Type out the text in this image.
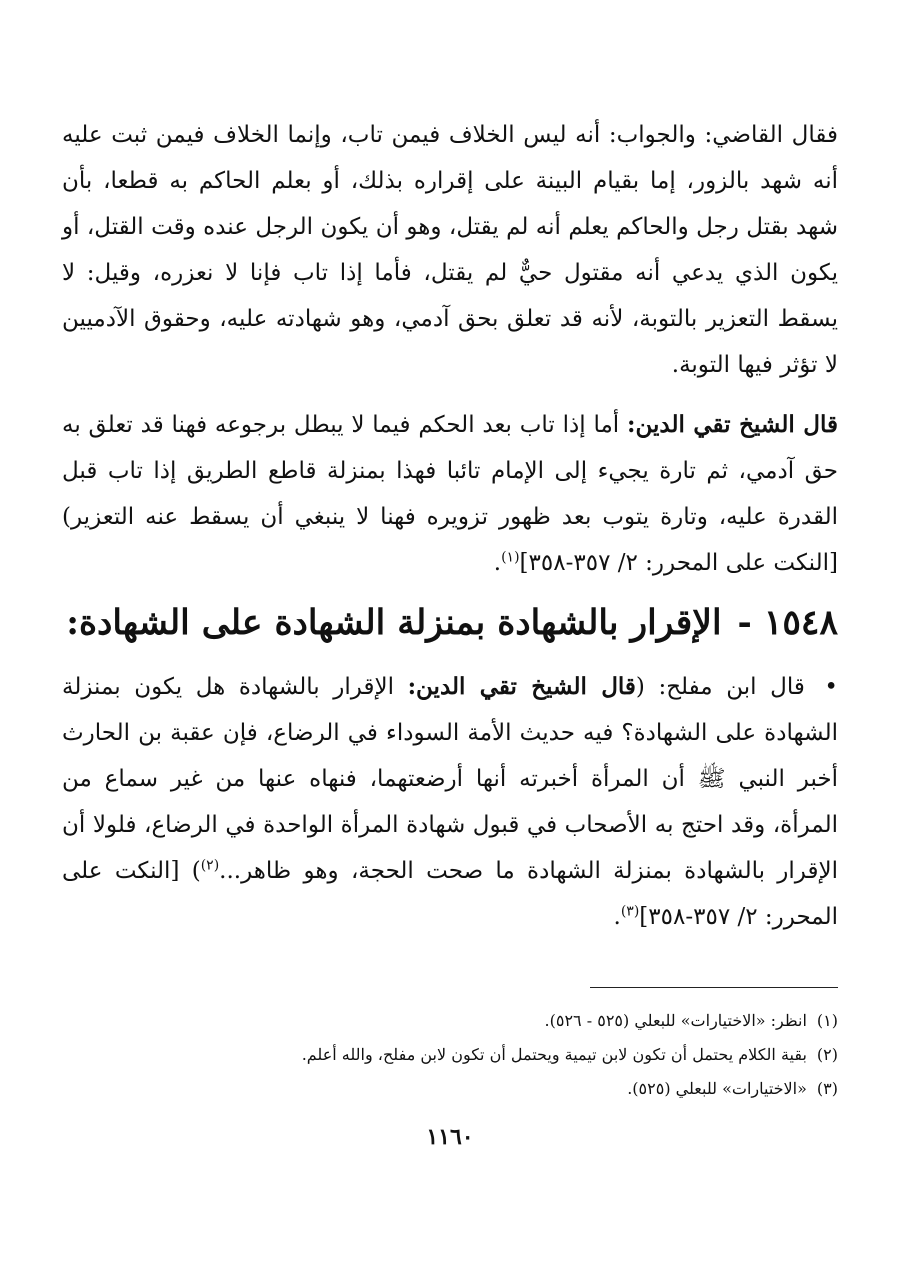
فقال القاضي: والجواب: أنه ليس الخلاف فيمن تاب، وإنما الخلاف فيمن ثبت عليه أنه شهد بالزور، إما بقيام البينة على إقراره بذلك، أو بعلم الحاكم به قطعا، بأن شهد بقتل رجل والحاكم يعلم أنه لم يقتل، وهو أن يكون الرجل عنده وقت القتل، أو يكون الذي يدعي أنه مقتول حيٌّ لم يقتل، فأما إذا تاب فإنا لا نعزره، وقيل: لا يسقط التعزير بالتوبة، لأنه قد تعلق بحق آدمي، وهو شهادته عليه، وحقوق الآدميين لا تؤثر فيها التوبة.

قال الشيخ تقي الدين: أما إذا تاب بعد الحكم فيما لا يبطل برجوعه فهنا قد تعلق به حق آدمي، ثم تارة يجيء إلى الإمام تائبا فهذا بمنزلة قاطع الطريق إذا تاب قبل القدرة عليه، وتارة يتوب بعد ظهور تزويره فهنا لا ينبغي أن يسقط عنه التعزير) [النكت على المحرر: ٢/ ٣٥٧-٣٥٨]$^{(١)}$.

١٥٤٨-الإقرار بالشهادة بمنزلة الشهادة على الشهادة:

• قال ابن مفلح: (قال الشيخ تقي الدين: الإقرار بالشهادة هل يكون بمنزلة الشهادة على الشهادة؟ فيه حديث الأمة السوداء في الرضاع، فإن عقبة بن الحارث أخبر النبي ﷺ أن المرأة أخبرته أنها أرضعتهما، فنهاه عنها من غير سماع من المرأة، وقد احتج به الأصحاب في قبول شهادة المرأة الواحدة في الرضاع، فلولا أن الإقرار بالشهادة بمنزلة الشهادة ما صحت الحجة، وهو ظاهر...$^{(٢)}$) [النكت على المحرر: ٢/ ٣٥٧-٣٥٨]$^{(٣)}$.

(١)انظر: «الاختيارات» للبعلي (٥٢٥ - ٥٢٦).

(٢)بقية الكلام يحتمل أن تكون لابن تيمية ويحتمل أن تكون لابن مفلح، والله أعلم.

(٣)«الاختيارات» للبعلي (٥٢٥).

١١٦٠
